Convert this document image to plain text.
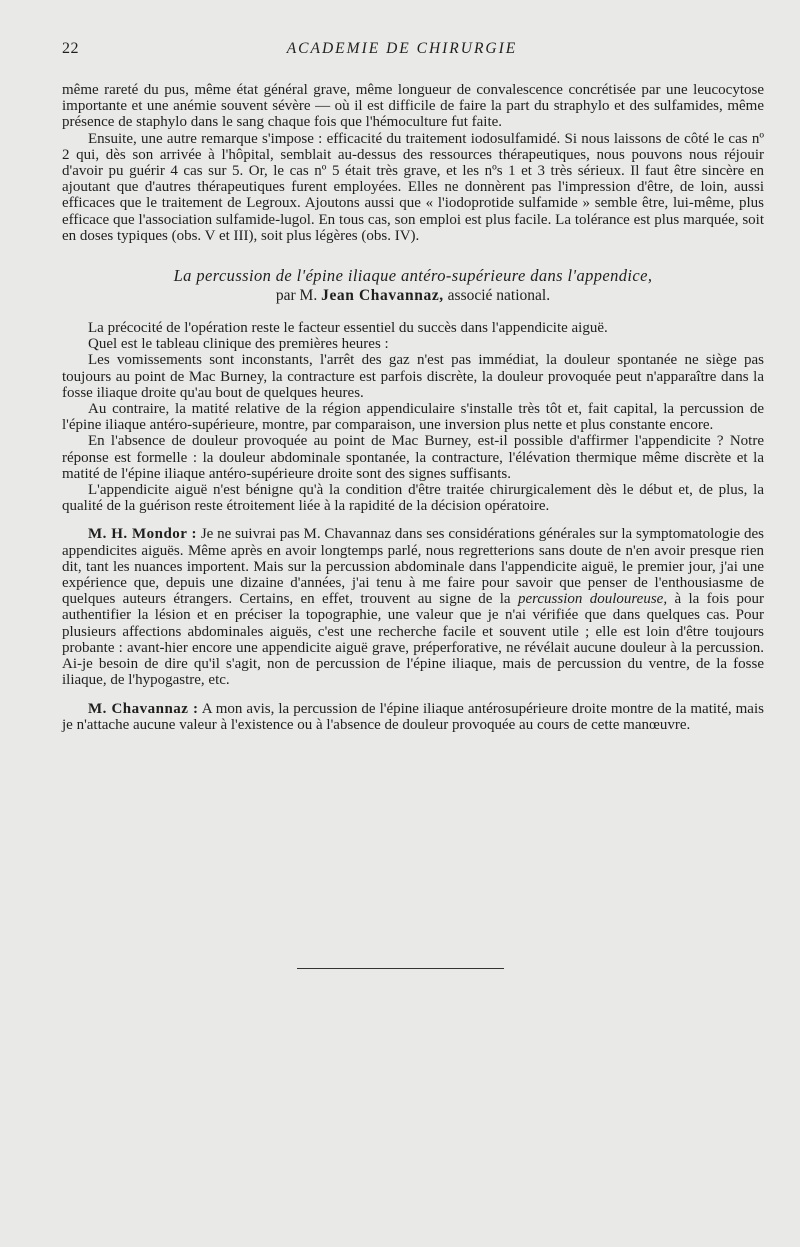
22	ACADEMIE DE CHIRURGIE

même rareté du pus, même état général grave, même longueur de convalescence concrétisée par une leucocytose importante et une anémie souvent sévère — où il est difficile de faire la part du straphylo et des sulfamides, même présence de staphylo dans le sang chaque fois que l'hémoculture fut faite.

Ensuite, une autre remarque s'impose : efficacité du traitement iodosulfamidé. Si nous laissons de côté le cas nº 2 qui, dès son arrivée à l'hôpital, semblait au-dessus des ressources thérapeutiques, nous pouvons nous réjouir d'avoir pu guérir 4 cas sur 5. Or, le cas nº 5 était très grave, et les nºs 1 et 3 très sérieux. Il faut être sincère en ajoutant que d'autres thérapeutiques furent employées. Elles ne donnèrent pas l'impression d'être, de loin, aussi efficaces que le traitement de Legroux. Ajoutons aussi que « l'iodoprotide sulfamide » semble être, lui-même, plus efficace que l'association sulfamide-lugol. En tous cas, son emploi est plus facile. La tolérance est plus marquée, soit en doses typiques (obs. V et III), soit plus légères (obs. IV).

La percussion de l'épine iliaque antéro-supérieure dans l'appendice,
par M. Jean Chavannaz, associé national.

La précocité de l'opération reste le facteur essentiel du succès dans l'appendicite aiguë.

Quel est le tableau clinique des premières heures :

Les vomissements sont inconstants, l'arrêt des gaz n'est pas immédiat, la douleur spontanée ne siège pas toujours au point de Mac Burney, la contracture est parfois discrète, la douleur provoquée peut n'apparaître dans la fosse iliaque droite qu'au bout de quelques heures.

Au contraire, la matité relative de la région appendiculaire s'installe très tôt et, fait capital, la percussion de l'épine iliaque antéro-supérieure, montre, par comparaison, une inversion plus nette et plus constante encore.

En l'absence de douleur provoquée au point de Mac Burney, est-il possible d'affirmer l'appendicite ? Notre réponse est formelle : la douleur abdominale spontanée, la contracture, l'élévation thermique même discrète et la matité de l'épine iliaque antéro-supérieure droite sont des signes suffisants.

L'appendicite aiguë n'est bénigne qu'à la condition d'être traitée chirurgicalement dès le début et, de plus, la qualité de la guérison reste étroitement liée à la rapidité de la décision opératoire.

M. H. Mondor : Je ne suivrai pas M. Chavannaz dans ses considérations générales sur la symptomatologie des appendicites aiguës. Même après en avoir longtemps parlé, nous regretterions sans doute de n'en avoir presque rien dit, tant les nuances importent. Mais sur la percussion abdominale dans l'appendicite aiguë, le premier jour, j'ai une expérience que, depuis une dizaine d'années, j'ai tenu à me faire pour savoir que penser de l'enthousiasme de quelques auteurs étrangers. Certains, en effet, trouvent au signe de la percussion douloureuse, à la fois pour authentifier la lésion et en préciser la topographie, une valeur que je n'ai vérifiée que dans quelques cas. Pour plusieurs affections abdominales aiguës, c'est une recherche facile et souvent utile ; elle est loin d'être toujours probante : avant-hier encore une appendicite aiguë grave, préperforative, ne révélait aucune douleur à la percussion. Ai-je besoin de dire qu'il s'agit, non de percussion de l'épine iliaque, mais de percussion du ventre, de la fosse iliaque, de l'hypogastre, etc.

M. Chavannaz : A mon avis, la percussion de l'épine iliaque antérosupérieure droite montre de la matité, mais je n'attache aucune valeur à l'existence ou à l'absence de douleur provoquée au cours de cette manœuvre.
